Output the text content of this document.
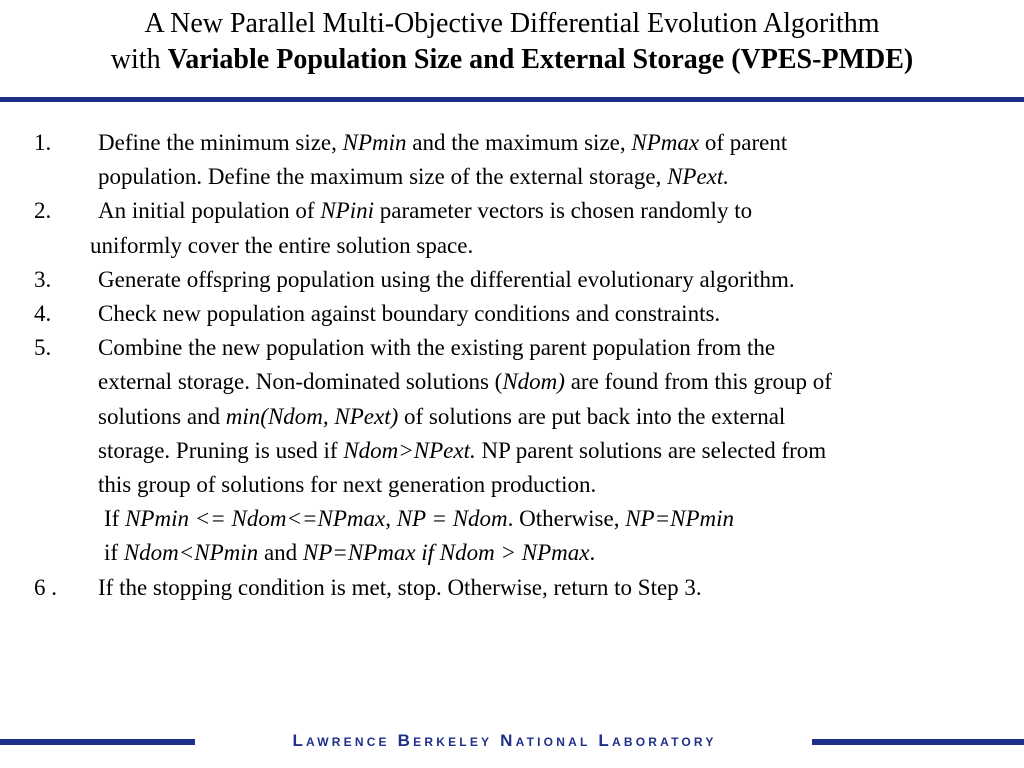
A New Parallel Multi-Objective Differential Evolution Algorithm
with Variable Population Size and External Storage (VPES-PMDE)
1. Define the minimum size, NPmin and the maximum size, NPmax of parent
population. Define the maximum size of the external storage, NPext.
2. An initial population of NPini parameter vectors is chosen randomly to
uniformly cover the entire solution space.
3. Generate offspring population using the differential evolutionary algorithm.
4. Check new population against boundary conditions and constraints.
5. Combine the new population with the existing parent population from the
external storage. Non-dominated solutions (Ndom) are found from this group of
solutions and min(Ndom, NPext) of solutions are put back into the external
storage. Pruning is used if Ndom>NPext. NP parent solutions are selected from
this group of solutions for next generation production.
If NPmin <= Ndom<=NPmax, NP = Ndom. Otherwise, NP=NPmin
if Ndom<NPmin and NP=NPmax if Ndom > NPmax.
6 . If the stopping condition is met, stop. Otherwise, return to Step 3.
Lawrence Berkeley National Laboratory
